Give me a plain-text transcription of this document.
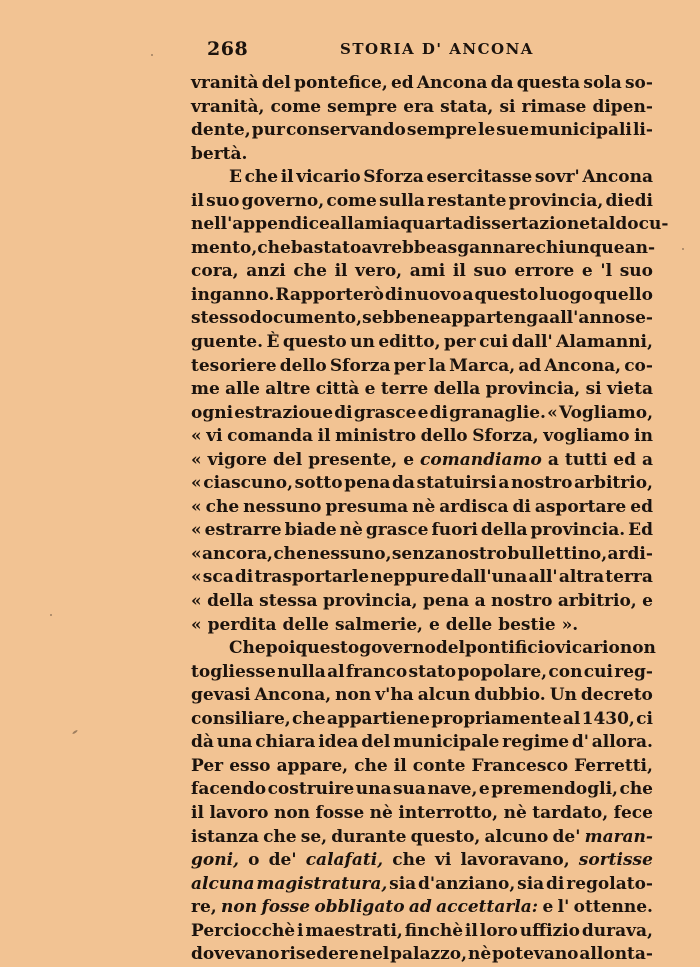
268	STORIA D' ANCONA
vranità del pontefice, ed Ancona da questa sola so-
vranità, come sempre era stata, si rimase dipen-
dente, pur conservando sempre le sue municipali li-
bertà.
E che il vicario Sforza esercitasse sovr' Ancona
il suo governo, come sulla restante provincia, diedi
nell'appendice alla mia quarta dissertazione tal docu-
mento, che bastato avrebbe a sgannare chiunque an-
cora, anzi che il vero, ami il suo errore e 'l suo
inganno. Rapporterò di nuovo a questo luogo quello
stesso documento, sebbene appartenga all'anno se-
guente. È questo un editto, per cui dall' Alamanni,
tesoriere dello Sforza per la Marca, ad Ancona, co-
me alle altre città e terre della provincia, si vieta
ogni estrazioue di grasce e di granaglie. « Vogliamo,
« vi comanda il ministro dello Sforza, vogliamo in
« vigore del presente, e comandiamo a tutti ed a
« ciascuno, sotto pena da statuirsi a nostro arbitrio,
« che nessuno presuma nè ardisca di asportare ed
« estrarre biade nè grasce fuori della provincia. Ed
« ancora, che nessuno, senza nostro bullettino, ardi-
« sca di trasportarle neppure dall'una all' altra terra
« della stessa provincia, pena a nostro arbitrio, e
« perdita delle salmerie, e delle bestie ».
Che poi questo governo del pontificio vicario non
togliesse nulla al franco stato popolare, con cui reg-
gevasi Ancona, non v'ha alcun dubbio. Un decreto
consiliare, che appartiene propriamente al 1430, ci
dà una chiara idea del municipale regime d' allora.
Per esso appare, che il conte Francesco Ferretti,
facendo costruire una sua nave, e premendogli, che
il lavoro non fosse nè interrotto, nè tardato, fece
istanza che se, durante questo, alcuno de' maran-
goni, o de' calafati, che vi lavoravano, sortisse
alcuna magistratura, sia d'anziano, sia di regolato-
re, non fosse obbligato ad accettarla: e l' ottenne.
Perciocchè i maestrati, finchè il loro uffizio durava,
dovevano risedere nel palazzo, nè potevano allonta-
